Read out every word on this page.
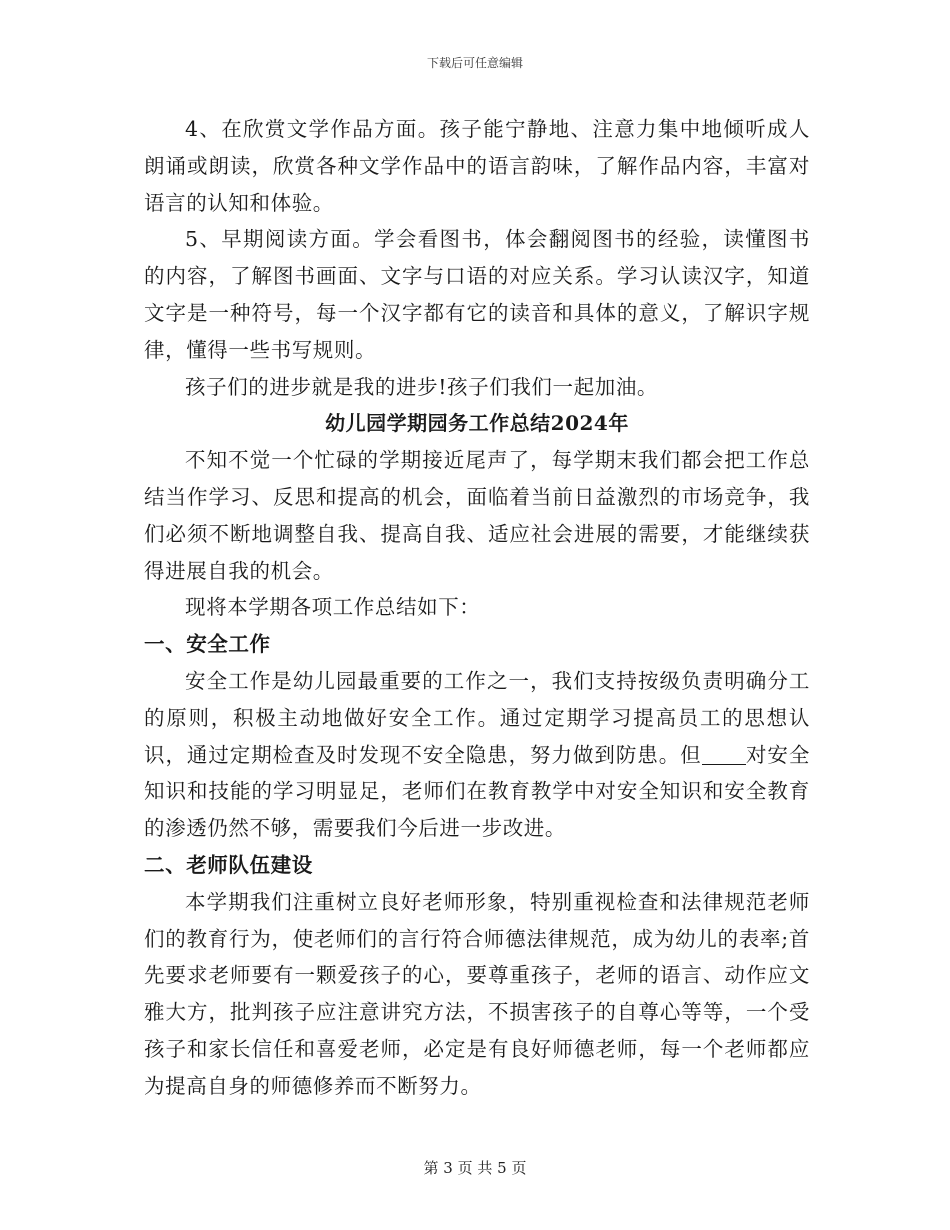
下载后可任意编辑

4、在欣赏文学作品方面。孩子能宁静地、注意力集中地倾听成人朗诵或朗读，欣赏各种文学作品中的语言韵味，了解作品内容，丰富对语言的认知和体验。

5、早期阅读方面。学会看图书，体会翻阅图书的经验，读懂图书的内容，了解图书画面、文字与口语的对应关系。学习认读汉字，知道文字是一种符号，每一个汉字都有它的读音和具体的意义，了解识字规律，懂得一些书写规则。

孩子们的进步就是我的进步!孩子们我们一起加油。

幼儿园学期园务工作总结2024年

不知不觉一个忙碌的学期接近尾声了，每学期末我们都会把工作总结当作学习、反思和提高的机会，面临着当前日益激烈的市场竞争，我们必须不断地调整自我、提高自我、适应社会进展的需要，才能继续获得进展自我的机会。

现将本学期各项工作总结如下：

一、安全工作

安全工作是幼儿园最重要的工作之一，我们支持按级负责明确分工的原则，积极主动地做好安全工作。通过定期学习提高员工的思想认识，通过定期检查及时发现不安全隐患，努力做到防患。但 对安全知识和技能的学习明显足，老师们在教育教学中对安全知识和安全教育的渗透仍然不够，需要我们今后进一步改进。

二、老师队伍建设

本学期我们注重树立良好老师形象，特别重视检查和法律规范老师们的教育行为，使老师们的言行符合师德法律规范，成为幼儿的表率;首先要求老师要有一颗爱孩子的心，要尊重孩子，老师的语言、动作应文雅大方，批判孩子应注意讲究方法，不损害孩子的自尊心等等，一个受孩子和家长信任和喜爱老师，必定是有良好师德老师，每一个老师都应为提高自身的师德修养而不断努力。

第 3 页 共 5 页
